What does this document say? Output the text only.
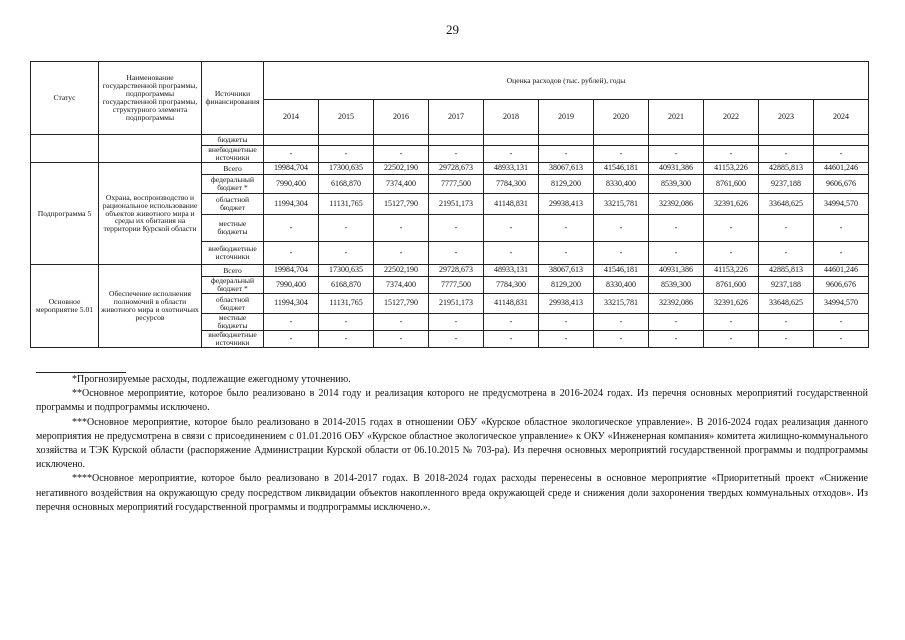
29
Статус	Наименование государственной программы, подпрограммы государственной программы, структурного элемента подпрограммы	Источники финансирования	Оценка расходов (тыс. рублей), годы										
			2014	2015	2016	2017	2018	2019	2020	2021	2022	2023	2024
		бюджеты											
		внебюджетные источники	-	-	-	-	-	-	-	-	-	-	-
Подпрограмма 5	Охрана, воспроизводство и рациональное использование объектов животного мира и среды их обитания на территории Курской области	Всего	19984,704	17300,635	22502,190	29728,673	48933,131	38067,613	41546,181	40931,386	41153,226	42885,813	44601,246
		федеральный бюджет *	7990,400	6168,870	7374,400	7777,500	7784,300	8129,200	8330,400	8539,300	8761,600	9237,188	9606,676
		областной бюджет	11994,304	11131,765	15127,790	21951,173	41148,831	29938,413	33215,781	32392,086	32391,626	33648,625	34994,570
		местные бюджеты	-	-	-	-	-	-	-	-	-	-	-
		внебюджетные источники	-	-	-	-	-	-	-	-	-	-	-
Основное мероприятие 5.01	Обеспечение исполнения полномочий в области животного мира и охотничьих ресурсов	Всего	19984,704	17300,635	22502,190	29728,673	48933,131	38067,613	41546,181	40931,386	41153,226	42885,813	44601,246
		федеральный бюджет *	7990,400	6168,870	7374,400	7777,500	7784,300	8129,200	8330,400	8539,300	8761,600	9237,188	9606,676
		областной бюджет	11994,304	11131,765	15127,790	21951,173	41148,831	29938,413	33215,781	32392,086	32391,626	33648,625	34994,570
		местные бюджеты	-	-	-	-	-	-	-	-	-	-	-
		внебюджетные источники	-	-	-	-	-	-	-	-	-	-	-

*Прогнозируемые расходы, подлежащие ежегодному уточнению.

**Основное мероприятие, которое было реализовано в 2014 году и реализация которого не предусмотрена в 2016-2024 годах. Из перечня основных мероприятий государственной программы и подпрограммы исключено.

***Основное мероприятие, которое было реализовано в 2014-2015 годах в отношении ОБУ «Курское областное экологическое управление». В 2016-2024 годах реализация данного мероприятия не предусмотрена в связи с присоединением с 01.01.2016 ОБУ «Курское областное экологическое управление» к ОКУ «Инженерная компания» комитета жилищно-коммунального хозяйства и ТЭК Курской области (распоряжение Администрации Курской области от 06.10.2015 № 703-ра). Из перечня основных мероприятий государственной программы и подпрограммы исключено.

****Основное мероприятие, которое было реализовано в 2014-2017 годах. В 2018-2024 годах расходы перенесены в основное мероприятие «Приоритетный проект «Снижение негативного воздействия на окружающую среду посредством ликвидации объектов накопленного вреда окружающей среде и снижения доли захоронения твердых коммунальных отходов». Из перечня основных мероприятий государственной программы и подпрограммы исключено.».
